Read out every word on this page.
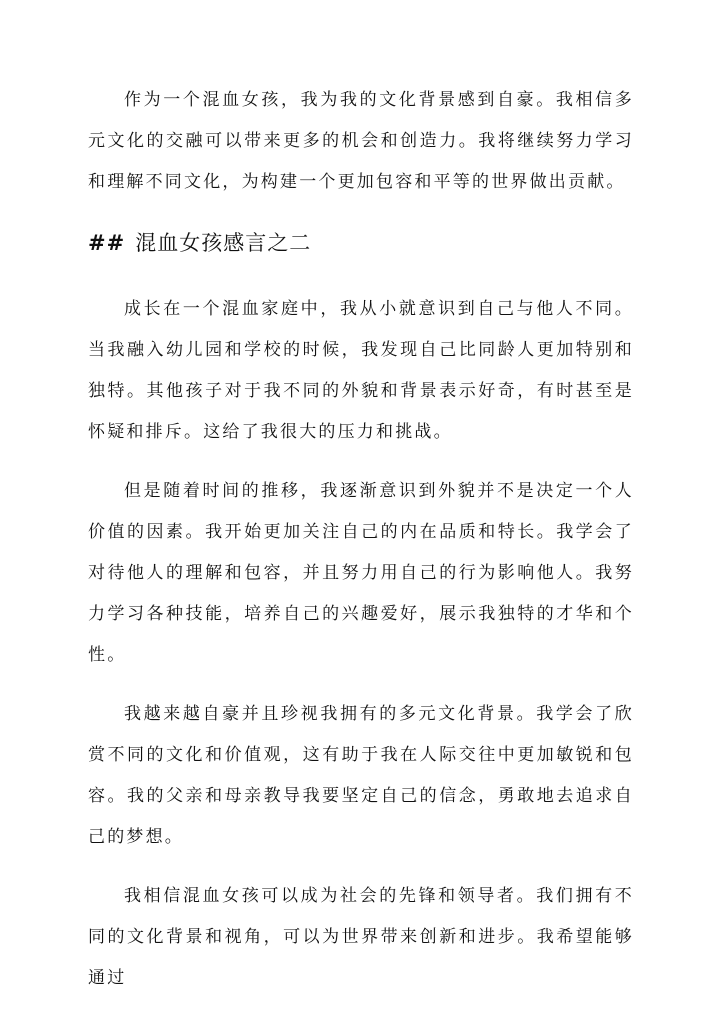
作为一个混血女孩，我为我的文化背景感到自豪。我相信多元文化的交融可以带来更多的机会和创造力。我将继续努力学习和理解不同文化，为构建一个更加包容和平等的世界做出贡献。

## 混血女孩感言之二

成长在一个混血家庭中，我从小就意识到自己与他人不同。当我融入幼儿园和学校的时候，我发现自己比同龄人更加特别和独特。其他孩子对于我不同的外貌和背景表示好奇，有时甚至是怀疑和排斥。这给了我很大的压力和挑战。

但是随着时间的推移，我逐渐意识到外貌并不是决定一个人价值的因素。我开始更加关注自己的内在品质和特长。我学会了对待他人的理解和包容，并且努力用自己的行为影响他人。我努力学习各种技能，培养自己的兴趣爱好，展示我独特的才华和个性。

我越来越自豪并且珍视我拥有的多元文化背景。我学会了欣赏不同的文化和价值观，这有助于我在人际交往中更加敏锐和包容。我的父亲和母亲教导我要坚定自己的信念，勇敢地去追求自己的梦想。

我相信混血女孩可以成为社会的先锋和领导者。我们拥有不同的文化背景和视角，可以为世界带来创新和进步。我希望能够通过
